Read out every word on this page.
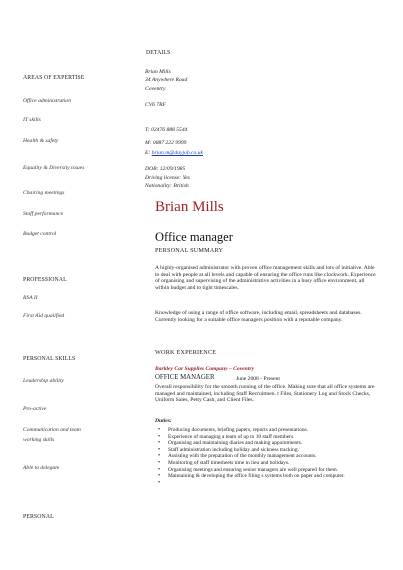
DETAILS
AREAS OF EXPERTISE
Office administration
IT skills
Health & safety
Equality & Diversity issues
Chairing meetings
Staff performance
Budget control
PROFESSIONAL
RSA II
First Aid qualified
PERSONAL SKILLS
Leadership ability
Pro-active
Communication and team working skills
Able to delegate
PERSONAL
Brian Mills
34 Anywhere Road
Coventry
CV6 7RF
T: 02476 888 5544
M: 0887 222 9999
E: brian.m@dayjob.co.uk
DOB: 12/09/1985
Driving license: Yes
Nationality: British
Brian Mills
Office manager
PERSONAL SUMMARY
A highly-organised administrator with proven office management skills and lots of initiative. Able to deal with people at all levels and capable of ensuring the office runs like clockwork. Experience of organising and supervising of the administrative activities in a busy office environment, all within budget and to tight timescales.
Knowledge of using a range of office software, including email, spreadsheets and databases. Currently looking for a suitable office managers position with a reputable company.
WORK EXPERIENCE
Barkley Car Supplies Company – Coventry
OFFICE MANAGER	June 2008 - Present
Overall responsibility for the smooth running of the office. Making sure that all office systems are managed and maintained, including Staff Recruitmen. t Files, Stationery Log and Stock Checks, Uniform Sales, Petty Cash, and Client Files.
Duties:
• Producing documents, briefing papers, reports and presentations.
• Experience of managing a team of up to 10 staff members.
• Organising and maintaining diaries and making appointments.
• Staff administration including holiday and sickness tracking.
• Assisting with the preparation of the monthly management accounts.
• Monitoring of staff timesheets time in lieu and holidays.
• Organising meetings and ensuring senior managers are well prepared for them.
• Maintaining & developing the office filing s systems both on paper and computer.
•
